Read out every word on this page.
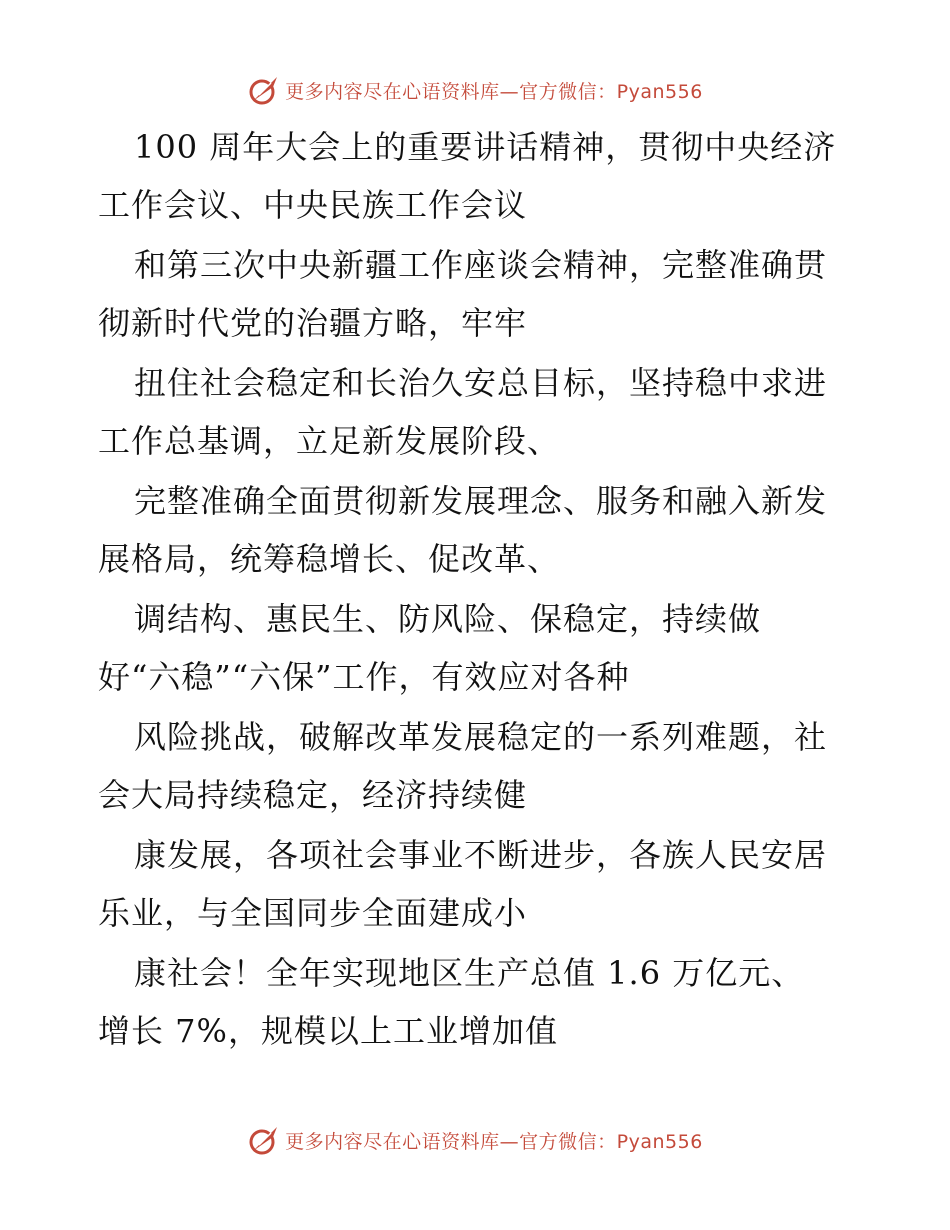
更多内容尽在心语资料库—官方微信：Pyan556
100 周年大会上的重要讲话精神，贯彻中央经济
工作会议、中央民族工作会议
和第三次中央新疆工作座谈会精神，完整准确贯
彻新时代党的治疆方略，牢牢
扭住社会稳定和长治久安总目标，坚持稳中求进
工作总基调，立足新发展阶段、
完整准确全面贯彻新发展理念、服务和融入新发
展格局，统筹稳增长、促改革、
调结构、惠民生、防风险、保稳定，持续做
好“六稳”“六保”工作，有效应对各种
风险挑战，破解改革发展稳定的一系列难题，社
会大局持续稳定，经济持续健
康发展，各项社会事业不断进步，各族人民安居
乐业，与全国同步全面建成小
康社会！全年实现地区生产总值 1.6 万亿元、
增长 7%，规模以上工业增加值
更多内容尽在心语资料库—官方微信：Pyan556
